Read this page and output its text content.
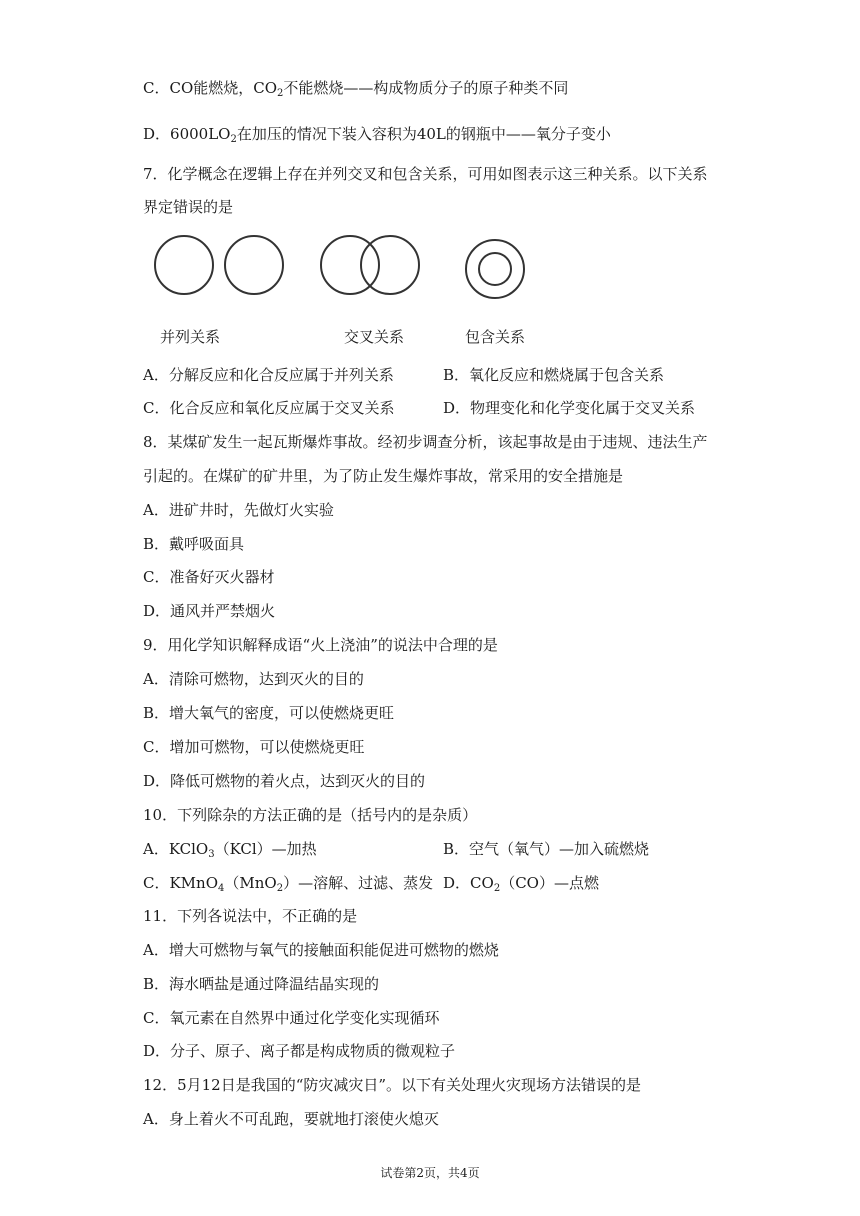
C．CO能燃烧，$CO_2$不能燃烧——构成物质分子的原子种类不同
D．$6000LO_2$在加压的情况下装入容积为40L的钢瓶中——氧分子变小
7．化学概念在逻辑上存在并列交叉和包含关系，可用如图表示这三种关系。以下关系
界定错误的是
并列关系	交叉关系	包含关系
A．分解反应和化合反应属于并列关系	B．氧化反应和燃烧属于包含关系
C．化合反应和氧化反应属于交叉关系	D．物理变化和化学变化属于交叉关系
8．某煤矿发生一起瓦斯爆炸事故。经初步调查分析，该起事故是由于违规、违法生产
引起的。在煤矿的矿井里，为了防止发生爆炸事故，常采用的安全措施是
A．进矿井时，先做灯火实验
B．戴呼吸面具
C．准备好灭火器材
D．通风并严禁烟火
9．用化学知识解释成语“火上浇油”的说法中合理的是
A．清除可燃物，达到灭火的目的
B．增大氧气的密度，可以使燃烧更旺
C．增加可燃物，可以使燃烧更旺
D．降低可燃物的着火点，达到灭火的目的
10．下列除杂的方法正确的是（括号内的是杂质）
A．KClO$_3$（KCl）—加热	B．空气（氧气）—加入硫燃烧
C．KMnO$_4$（MnO$_2$）—溶解、过滤、蒸发 D．$CO_2(CO)—$点燃
11．下列各说法中，不正确的是
A．增大可燃物与氧气的接触面积能促进可燃物的燃烧
B．海水晒盐是通过降温结晶实现的
C．氧元素在自然界中通过化学变化实现循环
D．分子、原子、离子都是构成物质的微观粒子
12．5月12日是我国的“防灾减灾日”。以下有关处理火灾现场方法错误的是
A．身上着火不可乱跑，要就地打滚使火熄灭
试卷第2页，共4页
